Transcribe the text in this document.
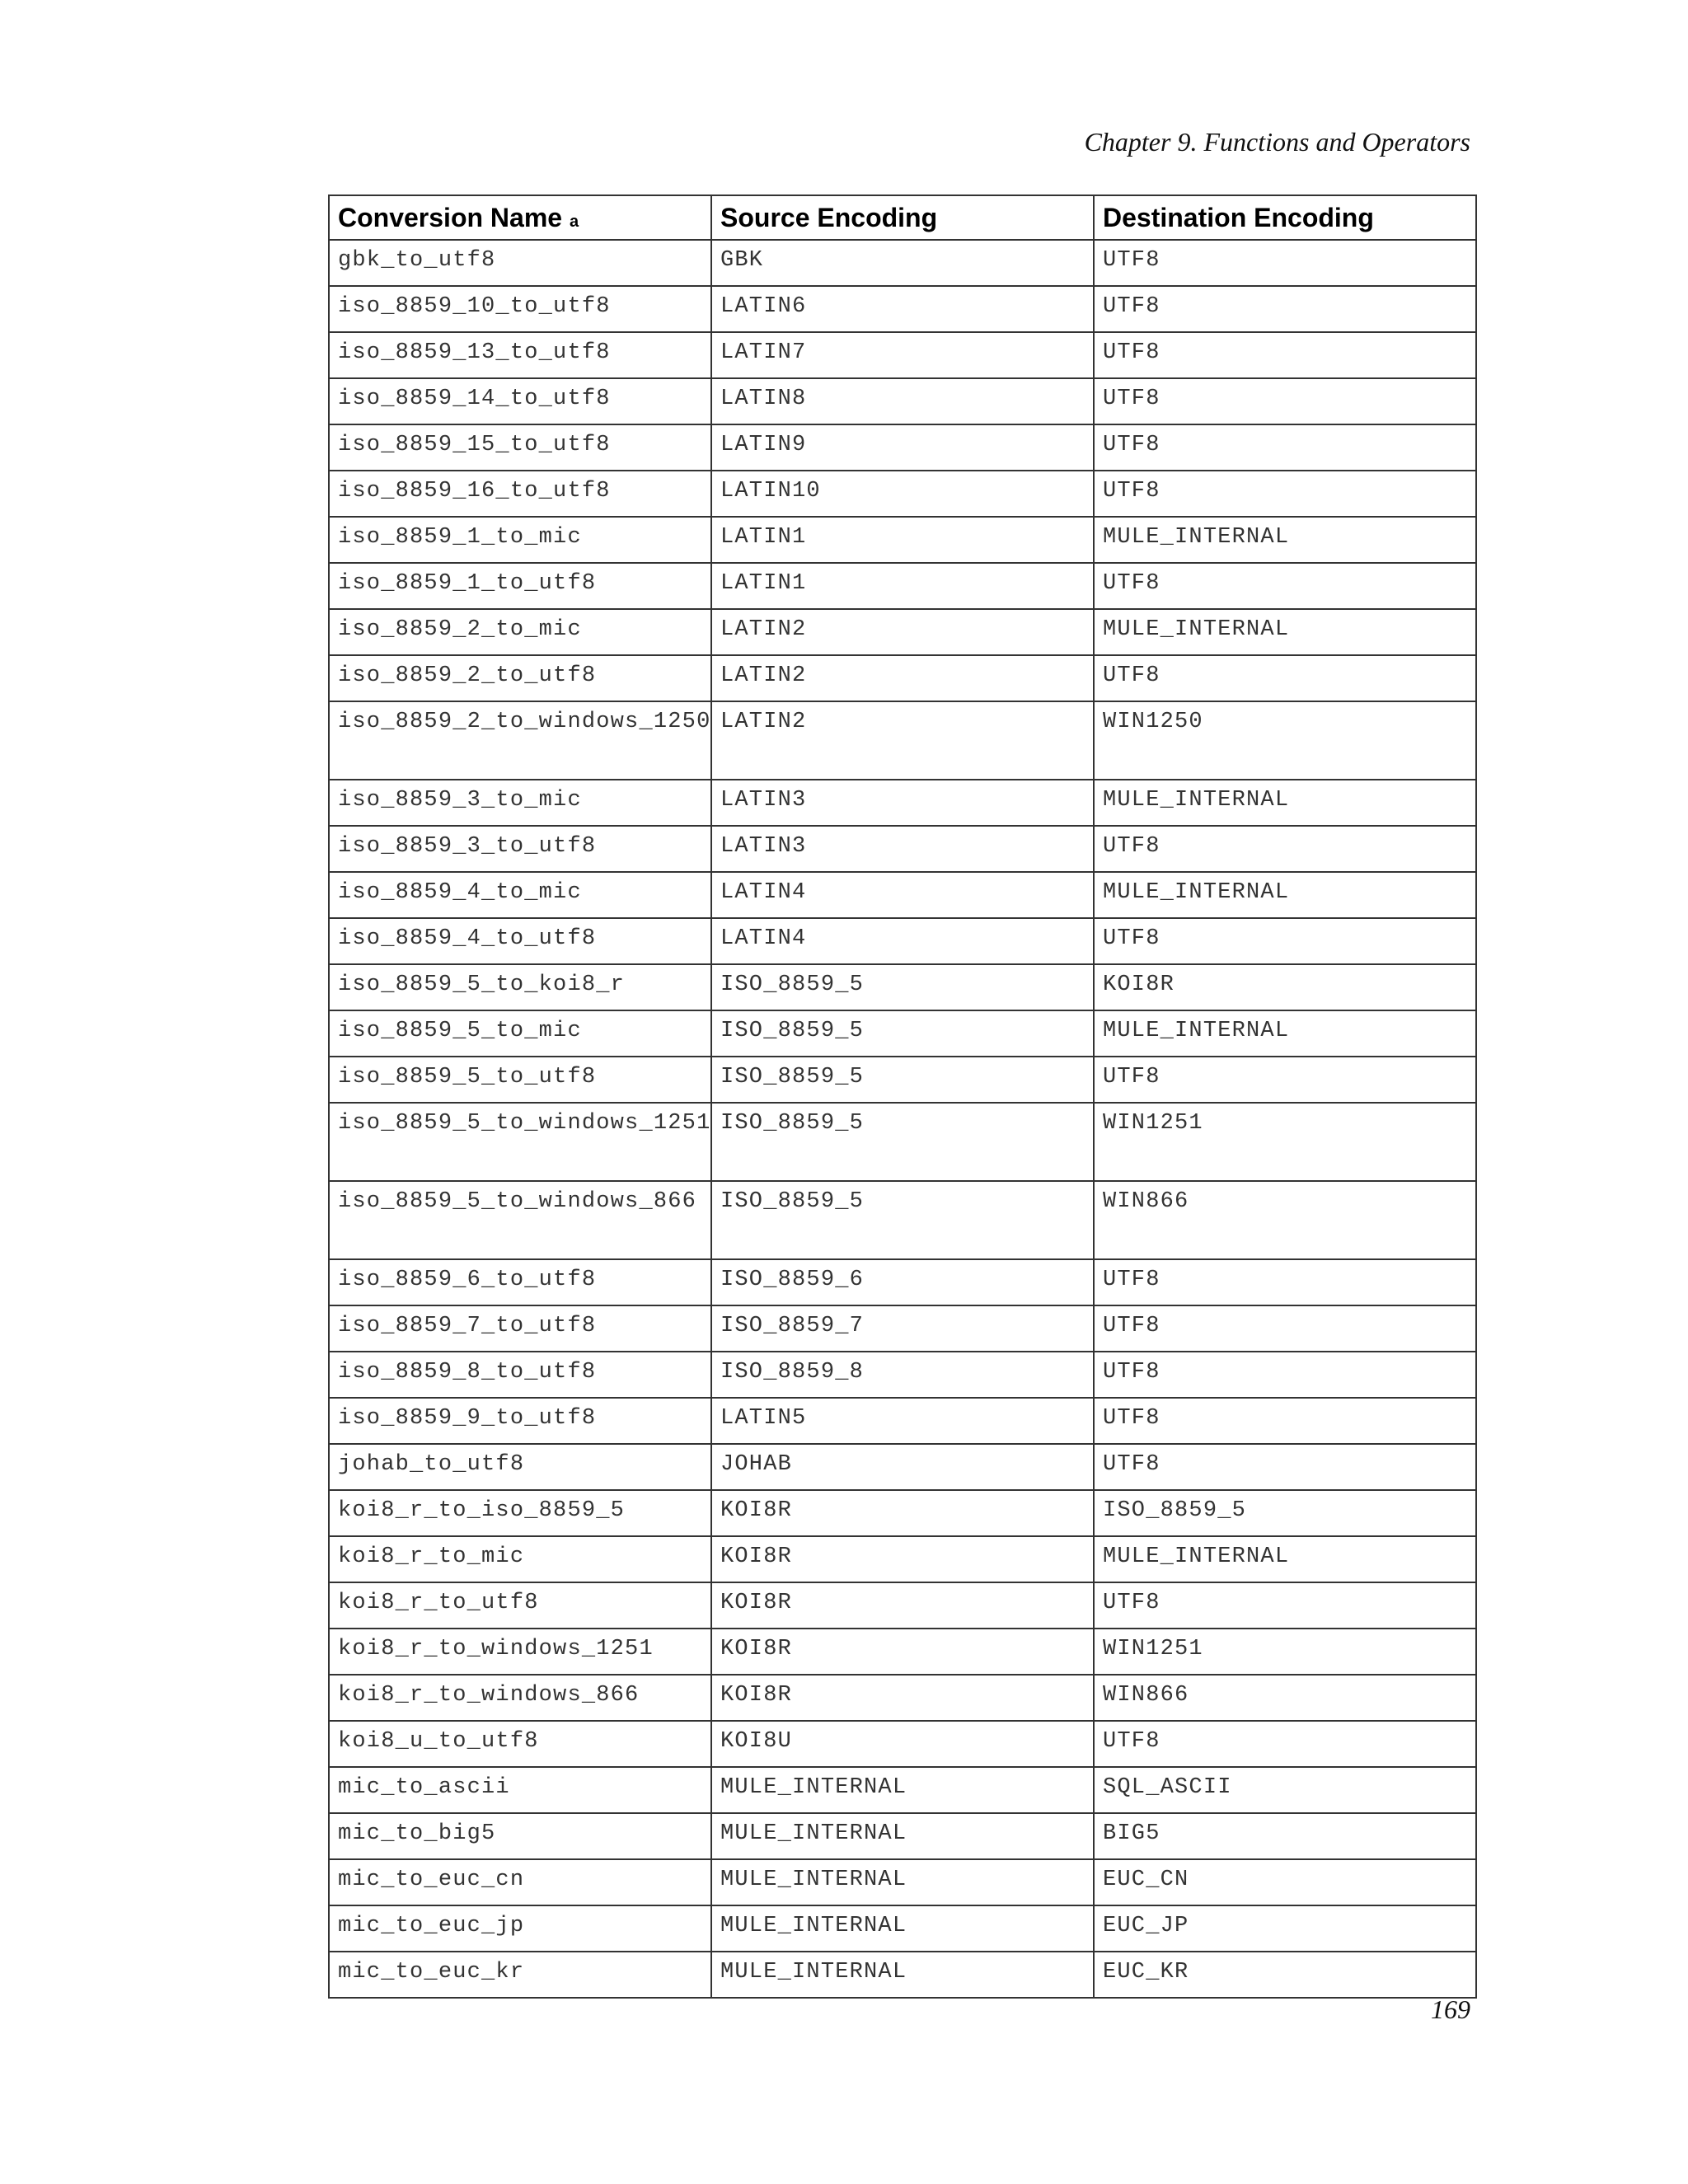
Chapter 9. Functions and Operators
Conversion Name a	Source Encoding	Destination Encoding
gbk_to_utf8	GBK	UTF8
iso_8859_10_to_utf8	LATIN6	UTF8
iso_8859_13_to_utf8	LATIN7	UTF8
iso_8859_14_to_utf8	LATIN8	UTF8
iso_8859_15_to_utf8	LATIN9	UTF8
iso_8859_16_to_utf8	LATIN10	UTF8
iso_8859_1_to_mic	LATIN1	MULE_INTERNAL
iso_8859_1_to_utf8	LATIN1	UTF8
iso_8859_2_to_mic	LATIN2	MULE_INTERNAL
iso_8859_2_to_utf8	LATIN2	UTF8
iso_8859_2_to_windows_1250	LATIN2	WIN1250
iso_8859_3_to_mic	LATIN3	MULE_INTERNAL
iso_8859_3_to_utf8	LATIN3	UTF8
iso_8859_4_to_mic	LATIN4	MULE_INTERNAL
iso_8859_4_to_utf8	LATIN4	UTF8
iso_8859_5_to_koi8_r	ISO_8859_5	KOI8R
iso_8859_5_to_mic	ISO_8859_5	MULE_INTERNAL
iso_8859_5_to_utf8	ISO_8859_5	UTF8
iso_8859_5_to_windows_1251	ISO_8859_5	WIN1251
iso_8859_5_to_windows_866	ISO_8859_5	WIN866
iso_8859_6_to_utf8	ISO_8859_6	UTF8
iso_8859_7_to_utf8	ISO_8859_7	UTF8
iso_8859_8_to_utf8	ISO_8859_8	UTF8
iso_8859_9_to_utf8	LATIN5	UTF8
johab_to_utf8	JOHAB	UTF8
koi8_r_to_iso_8859_5	KOI8R	ISO_8859_5
koi8_r_to_mic	KOI8R	MULE_INTERNAL
koi8_r_to_utf8	KOI8R	UTF8
koi8_r_to_windows_1251	KOI8R	WIN1251
koi8_r_to_windows_866	KOI8R	WIN866
koi8_u_to_utf8	KOI8U	UTF8
mic_to_ascii	MULE_INTERNAL	SQL_ASCII
mic_to_big5	MULE_INTERNAL	BIG5
mic_to_euc_cn	MULE_INTERNAL	EUC_CN
mic_to_euc_jp	MULE_INTERNAL	EUC_JP
mic_to_euc_kr	MULE_INTERNAL	EUC_KR
169
